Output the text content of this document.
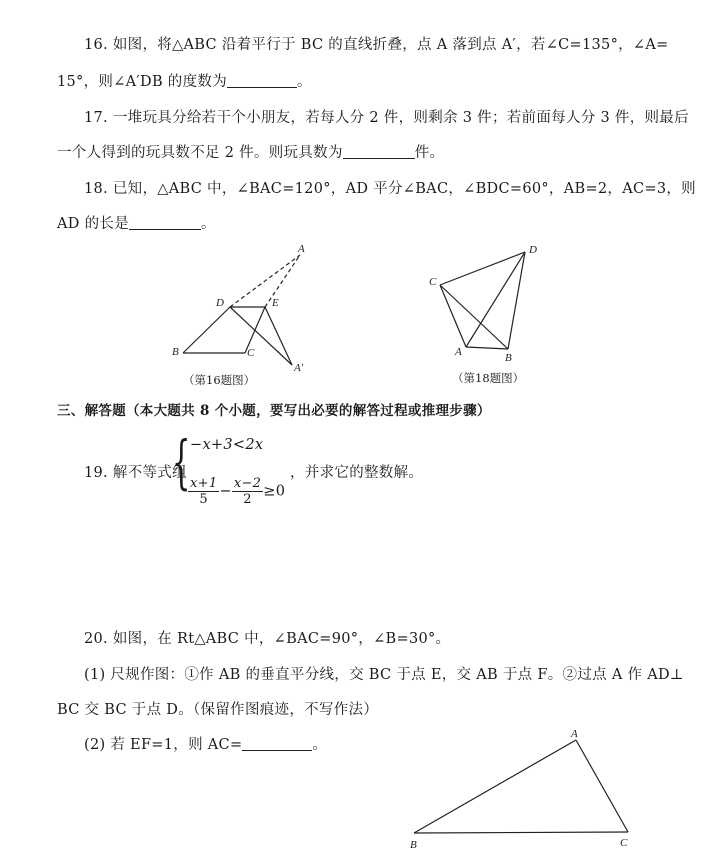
16. 如图，将△ABC 沿着平行于 BC 的直线折叠，点 A 落到点 A′，若∠C=135°，∠A=
15°，则∠A′DB 的度数为	。
17. 一堆玩具分给若干个小朋友，若每人分 2 件，则剩余 3 件；若前面每人分 3 件，则最后
一个人得到的玩具数不足 2 件。则玩具数为	件。
18. 已知，△ABC 中，∠BAC=120°，AD 平分∠BAC，∠BDC=60°，AB=2，AC=3，则
AD 的长是	。
A
D	E
B	C
A′
（第16题图）
D
C
A	B
（第18题图）
三、解答题（本大题共 8 个小题，要写出必要的解答过程或推理步骤）
19. 解不等式组
{ −x+3<2x
$\frac{x+1}{5} - \frac{x-2}{2} \ge 0$
，并求它的整数解。
20. 如图，在 Rt△ABC 中，∠BAC=90°，∠B=30°。
(1) 尺规作图：①作 AB 的垂直平分线，交 BC 于点 E，交 AB 于点 F。②过点 A 作 AD⊥
BC 交 BC 于点 D。（保留作图痕迹，不写作法）
(2) 若 EF=1，则 AC=	。
A
B	C
